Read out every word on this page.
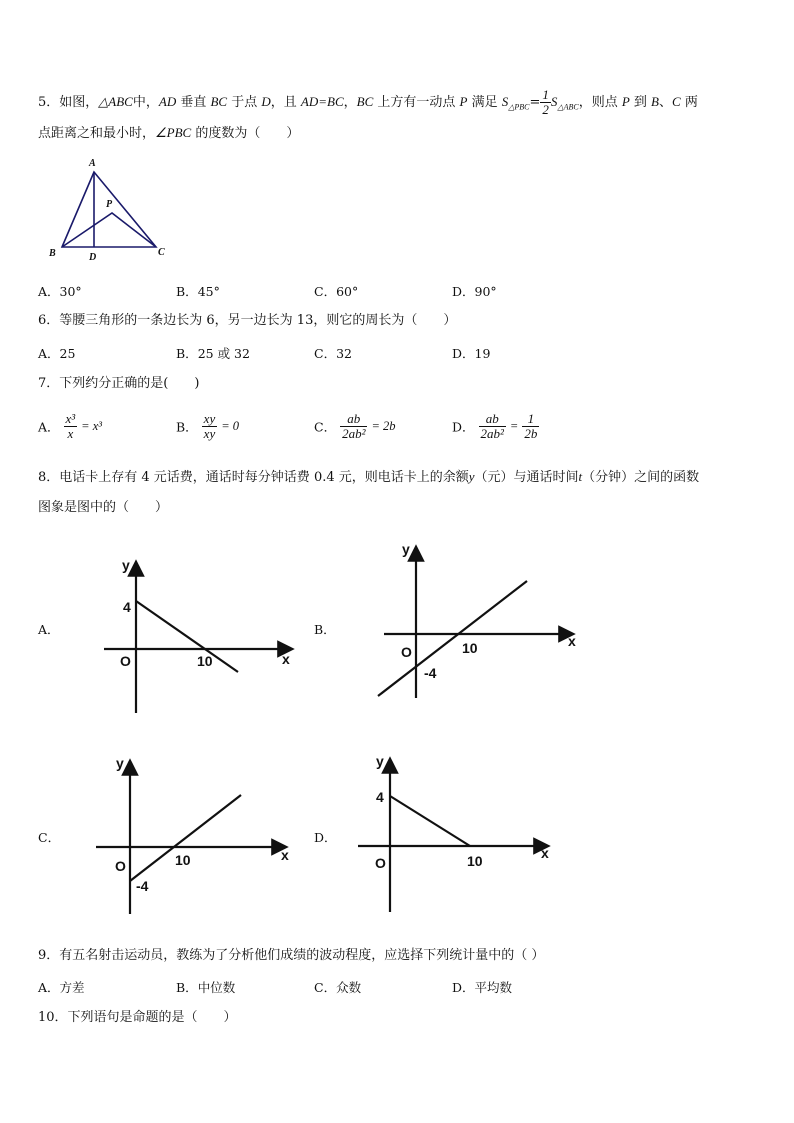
5．如图，△ABC中，AD 垂直 BC 于点 D，且 AD=BC，BC 上方有一动点 P 满足 $S_{\triangle PBC}= \frac{1}{2} S_{\triangle ABC}$，则点 P 到 B、C 两
点距离之和最小时，∠PBC 的度数为（　　）
A
P
B	D	C
A．30°	B．45°	C．60°	D．90°
6．等腰三角形的一条边长为 6，另一边长为 13，则它的周长为（　　）
A．25	B．25 或 32	C．32	D．19
7．下列约分正确的是(　　)
A． $\frac{\text{x³}}{x} = x^3$	B． $\frac{xy}{xy} = 0$	C． $\frac{ab}{\text{2ab²}} = 2b$	D． $\frac{ab}{\text{2ab²}} = \frac{1}{2b}$
8．电话卡上存有 4 元话费，通话时每分钟话费 0.4 元，则电话卡上的余额y（元）与通话时间t（分钟）之间的函数
图象是图中的（　　）
A．
y
x
O
4
10
B．
y
x
O	10
-4
C．
y
x
O	10
-4
D．
y
x
O
4
10
9．有五名射击运动员，教练为了分析他们成绩的波动程度，应选择下列统计量中的（ ）
A．方差	B．中位数	C．众数	D．平均数
10．下列语句是命题的是（　　）
